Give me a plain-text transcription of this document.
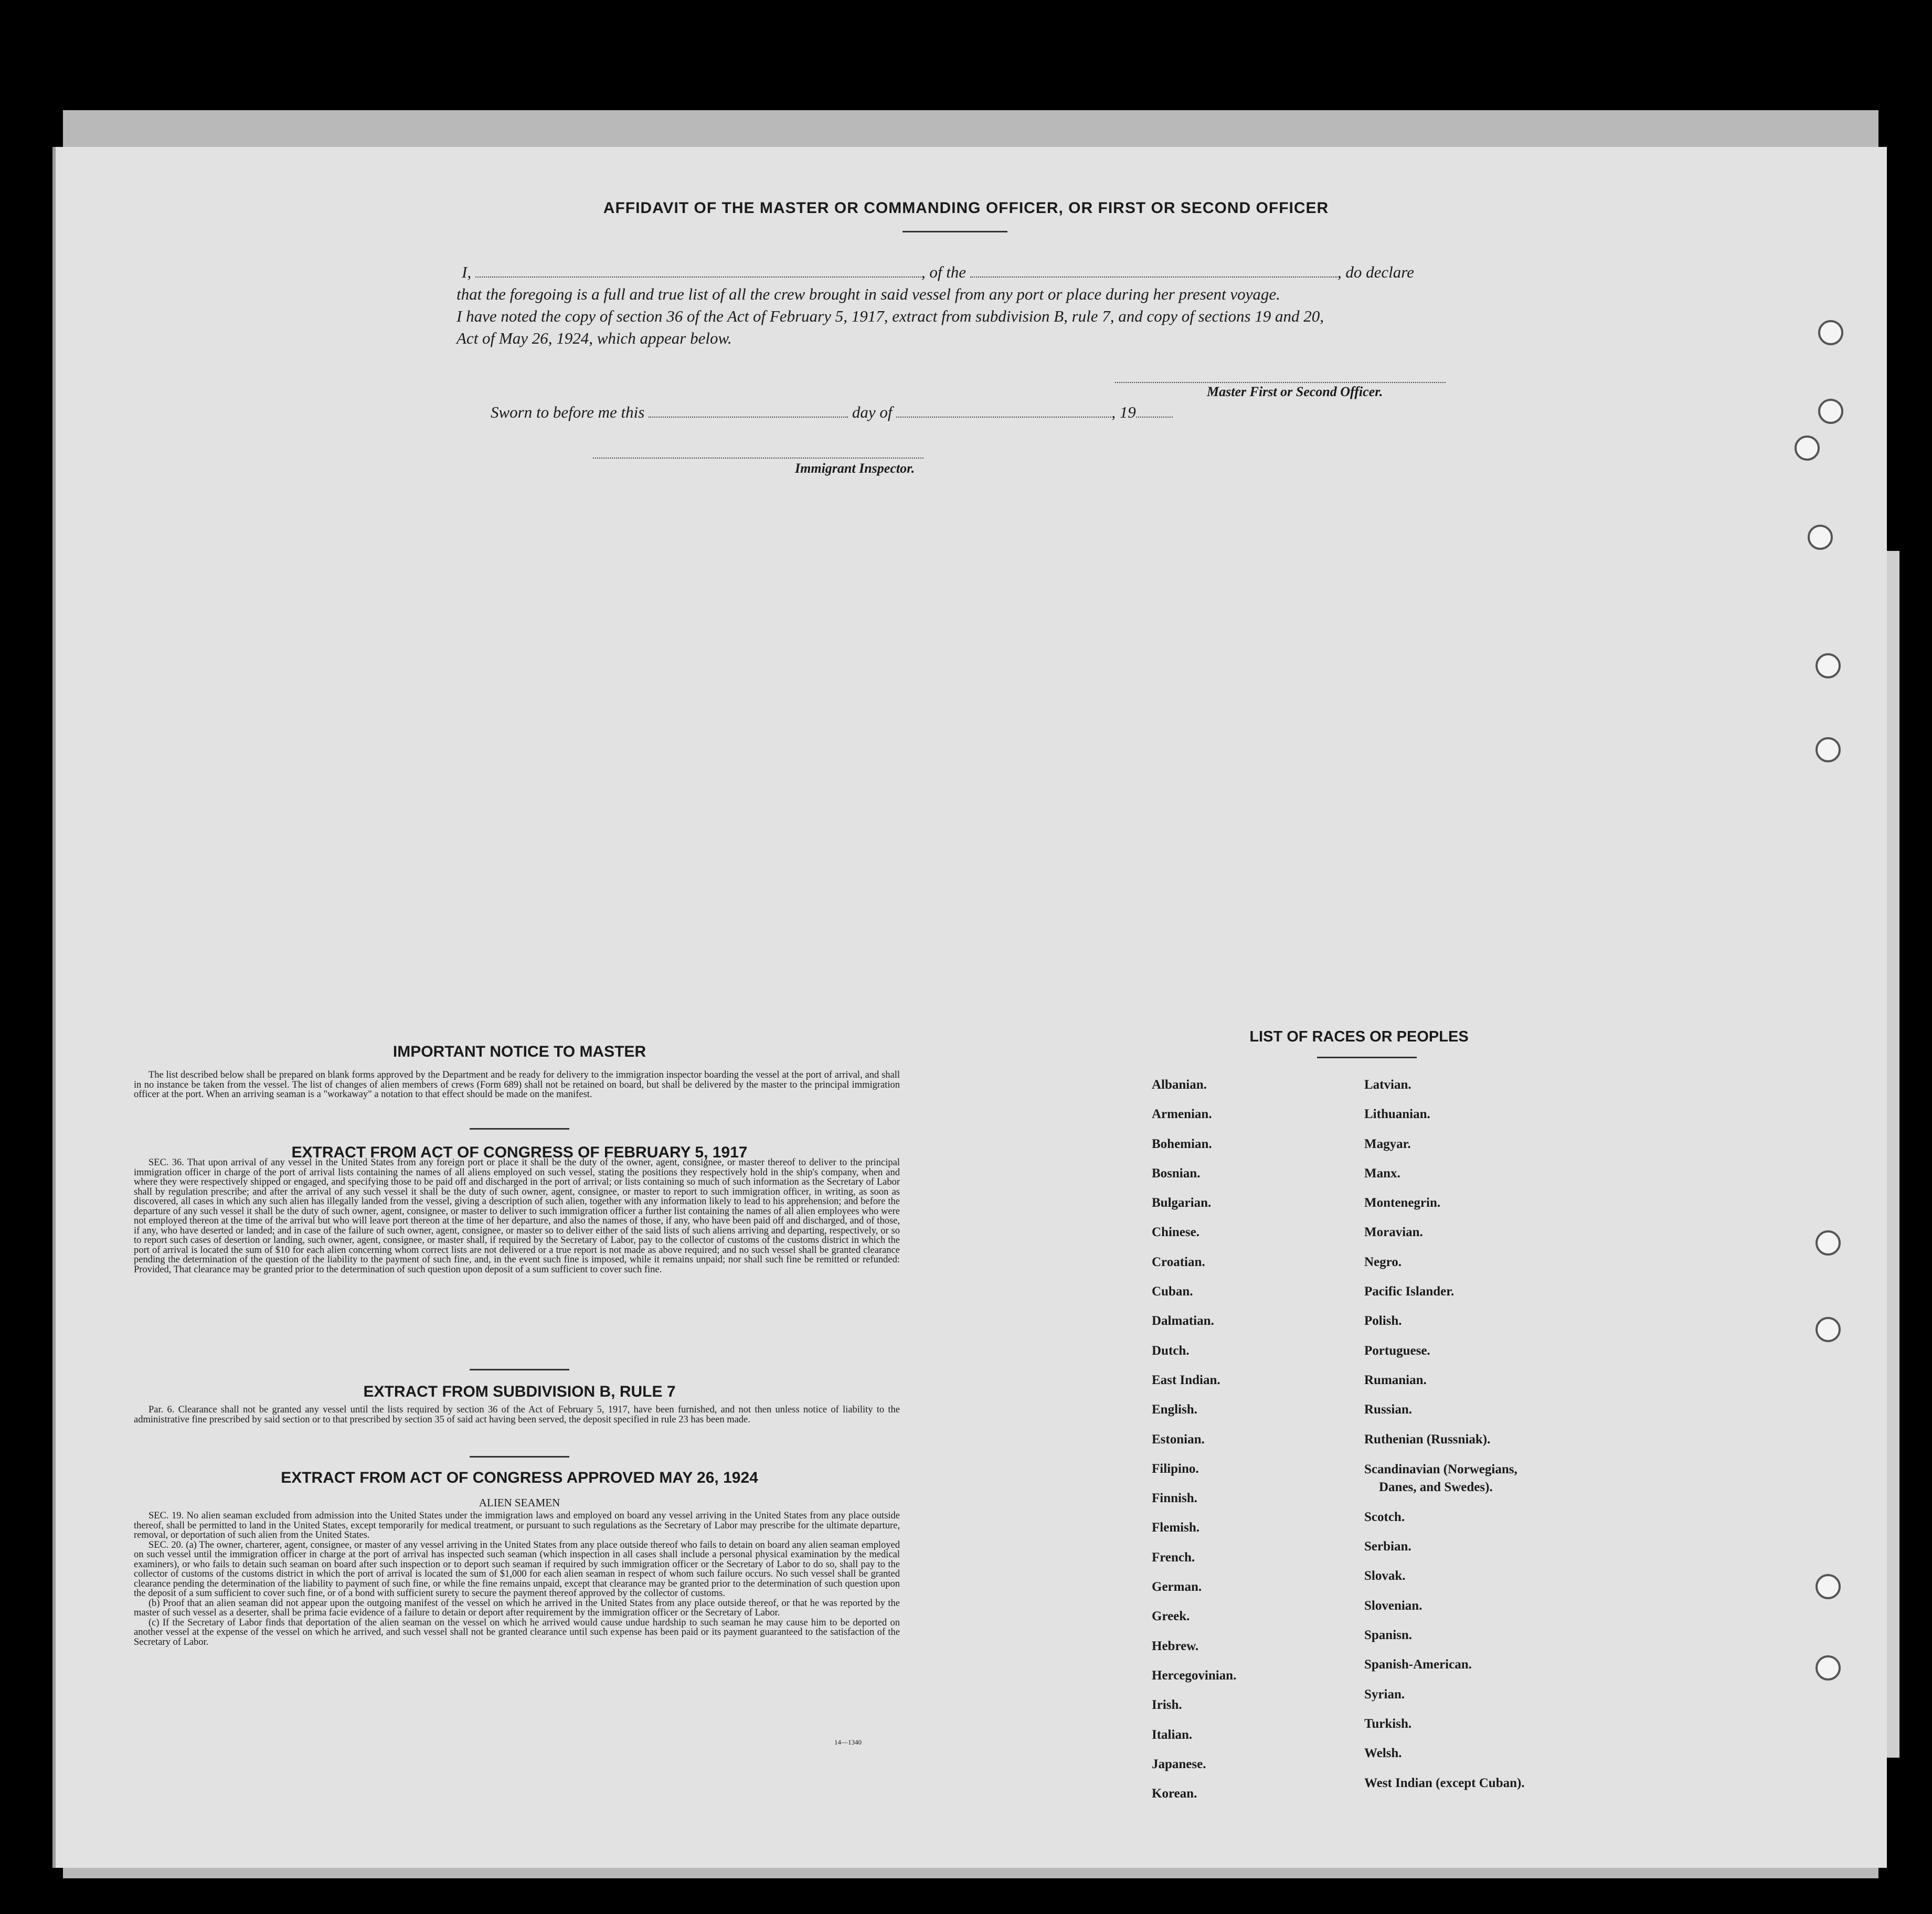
AFFIDAVIT OF THE MASTER OR COMMANDING OFFICER, OR FIRST OR SECOND OFFICER
I,	, of the	, do declare
that the foregoing is a full and true list of all the crew brought in said vessel from any port or place during her present voyage.
I have noted the copy of section 36 of the Act of February 5, 1917, extract from subdivision B, rule 7, and copy of sections 19 and 20,
Act of May 26, 1924, which appear below.
Master First or Second Officer.
Sworn to before me this	day of	, 19
Immigrant Inspector.
IMPORTANT NOTICE TO MASTER

The list described below shall be prepared on blank forms approved by the Department and be ready for delivery to the immigration inspector boarding the vessel at the port of arrival, and shall in no instance be taken from the vessel. The list of changes of alien members of crews (Form 689) shall not be retained on board, but shall be delivered by the master to the principal immigration officer at the port. When an arriving seaman is a "workaway" a notation to that effect should be made on the manifest.

EXTRACT FROM ACT OF CONGRESS OF FEBRUARY 5, 1917

SEC. 36. That upon arrival of any vessel in the United States from any foreign port or place it shall be the duty of the owner, agent, consignee, or master thereof to deliver to the principal immigration officer in charge of the port of arrival lists containing the names of all aliens employed on such vessel, stating the positions they respectively hold in the ship's company, when and where they were respectively shipped or engaged, and specifying those to be paid off and discharged in the port of arrival; or lists containing so much of such information as the Secretary of Labor shall by regulation prescribe; and after the arrival of any such vessel it shall be the duty of such owner, agent, consignee, or master to report to such immigration officer, in writing, as soon as discovered, all cases in which any such alien has illegally landed from the vessel, giving a description of such alien, together with any information likely to lead to his apprehension; and before the departure of any such vessel it shall be the duty of such owner, agent, consignee, or master to deliver to such immigration officer a further list containing the names of all alien employees who were not employed thereon at the time of the arrival but who will leave port thereon at the time of her departure, and also the names of those, if any, who have been paid off and discharged, and of those, if any, who have deserted or landed; and in case of the failure of such owner, agent, consignee, or master so to deliver either of the said lists of such aliens arriving and departing, respectively, or so to report such cases of desertion or landing, such owner, agent, consignee, or master shall, if required by the Secretary of Labor, pay to the collector of customs of the customs district in which the port of arrival is located the sum of $10 for each alien concerning whom correct lists are not delivered or a true report is not made as above required; and no such vessel shall be granted clearance pending the determination of the question of the liability to the payment of such fine, and, in the event such fine is imposed, while it remains unpaid; nor shall such fine be remitted or refunded: Provided, That clearance may be granted prior to the determination of such question upon deposit of a sum sufficient to cover such fine.

EXTRACT FROM SUBDIVISION B, RULE 7

Par. 6. Clearance shall not be granted any vessel until the lists required by section 36 of the Act of February 5, 1917, have been furnished, and not then unless notice of liability to the administrative fine prescribed by said section or to that prescribed by section 35 of said act having been served, the deposit specified in rule 23 has been made.

EXTRACT FROM ACT OF CONGRESS APPROVED MAY 26, 1924
ALIEN SEAMEN

SEC. 19. No alien seaman excluded from admission into the United States under the immigration laws and employed on board any vessel arriving in the United States from any place outside thereof, shall be permitted to land in the United States, except temporarily for medical treatment, or pursuant to such regulations as the Secretary of Labor may prescribe for the ultimate departure, removal, or deportation of such alien from the United States.

SEC. 20. (a) The owner, charterer, agent, consignee, or master of any vessel arriving in the United States from any place outside thereof who fails to detain on board any alien seaman employed on such vessel until the immigration officer in charge at the port of arrival has inspected such seaman (which inspection in all cases shall include a personal physical examination by the medical examiners), or who fails to detain such seaman on board after such inspection or to deport such seaman if required by such immigration officer or the Secretary of Labor to do so, shall pay to the collector of customs of the customs district in which the port of arrival is located the sum of $1,000 for each alien seaman in respect of whom such failure occurs. No such vessel shall be granted clearance pending the determination of the liability to payment of such fine, or while the fine remains unpaid, except that clearance may be granted prior to the determination of such question upon the deposit of a sum sufficient to cover such fine, or of a bond with sufficient surety to secure the payment thereof approved by the collector of customs.

(b) Proof that an alien seaman did not appear upon the outgoing manifest of the vessel on which he arrived in the United States from any place outside thereof, or that he was reported by the master of such vessel as a deserter, shall be prima facie evidence of a failure to detain or deport after requirement by the immigration officer or the Secretary of Labor.

(c) If the Secretary of Labor finds that deportation of the alien seaman on the vessel on which he arrived would cause undue hardship to such seaman he may cause him to be deported on another vessel at the expense of the vessel on which he arrived, and such vessel shall not be granted clearance until such expense has been paid or its payment guaranteed to the satisfaction of the Secretary of Labor.

14—1340
LIST OF RACES OR PEOPLES
Albanian.
Armenian.
Bohemian.
Bosnian.
Bulgarian.
Chinese.
Croatian.
Cuban.
Dalmatian.
Dutch.
East Indian.
English.
Estonian.
Filipino.
Finnish.
Flemish.
French.
German.
Greek.
Hebrew.
Hercegovinian.
Irish.
Italian.
Japanese.
Korean.
Latvian.
Lithuanian.
Magyar.
Manx.
Montenegrin.
Moravian.
Negro.
Pacific Islander.
Polish.
Portuguese.
Rumanian.
Russian.
Ruthenian (Russniak).
Scandinavian (Norwegians,
Danes, and Swedes).
Scotch.
Serbian.
Slovak.
Slovenian.
Spanisn.
Spanish-American.
Syrian.
Turkish.
Welsh.
West Indian (except Cuban).
